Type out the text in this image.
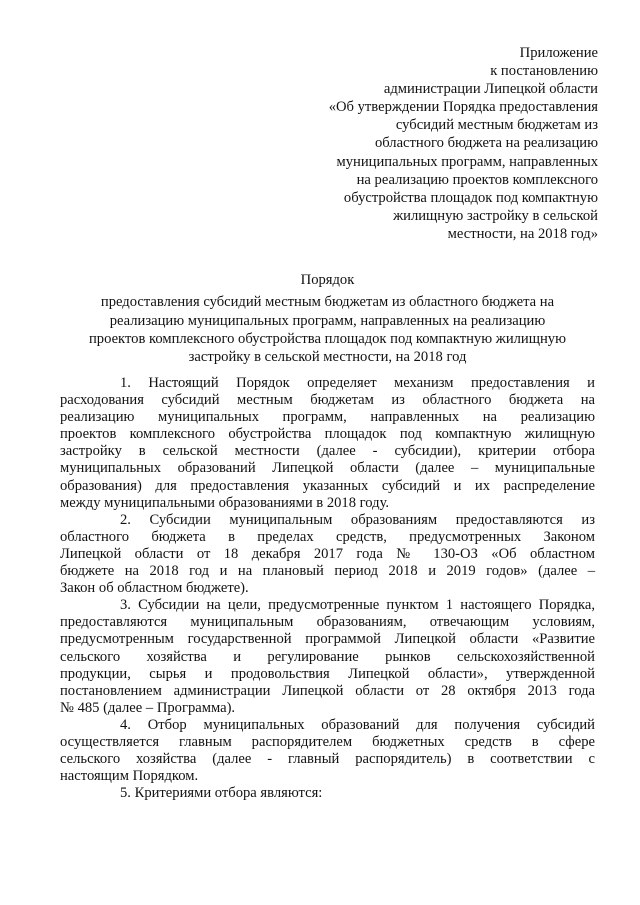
Приложение
к постановлению
администрации Липецкой области
«Об утверждении Порядка предоставления
субсидий местным бюджетам из
областного бюджета на реализацию
муниципальных программ, направленных
на реализацию проектов комплексного
обустройства площадок под компактную
жилищную застройку в сельской
местности, на 2018 год»
Порядок
предоставления субсидий местным бюджетам из областного бюджета на
реализацию муниципальных программ, направленных на реализацию
проектов комплексного обустройства площадок под компактную жилищную
застройку в сельской местности, на 2018 год
1. Настоящий Порядок определяет механизм предоставления и
расходования субсидий местным бюджетам из областного бюджета на
реализацию муниципальных программ, направленных на реализацию
проектов комплексного обустройства площадок под компактную жилищную
застройку в сельской местности (далее - субсидии), критерии отбора
муниципальных образований Липецкой области (далее – муниципальные
образования) для предоставления указанных субсидий и их распределение
между муниципальными образованиями в 2018 году.
2. Субсидии муниципальным образованиям предоставляются из
областного бюджета в пределах средств, предусмотренных Законом
Липецкой области от 18 декабря 2017 года № 130-ОЗ «Об областном
бюджете на 2018 год и на плановый период 2018 и 2019 годов» (далее –
Закон об областном бюджете).
3. Субсидии на цели, предусмотренные пунктом 1 настоящего Порядка,
предоставляются муниципальным образованиям, отвечающим условиям,
предусмотренным государственной программой Липецкой области «Развитие
сельского хозяйства и регулирование рынков сельскохозяйственной
продукции, сырья и продовольствия Липецкой области», утвержденной
постановлением администрации Липецкой области от 28 октября 2013 года
№ 485 (далее – Программа).
4. Отбор муниципальных образований для получения субсидий
осуществляется главным распорядителем бюджетных средств в сфере
сельского хозяйства (далее - главный распорядитель) в соответствии с
настоящим Порядком.
5. Критериями отбора являются:
